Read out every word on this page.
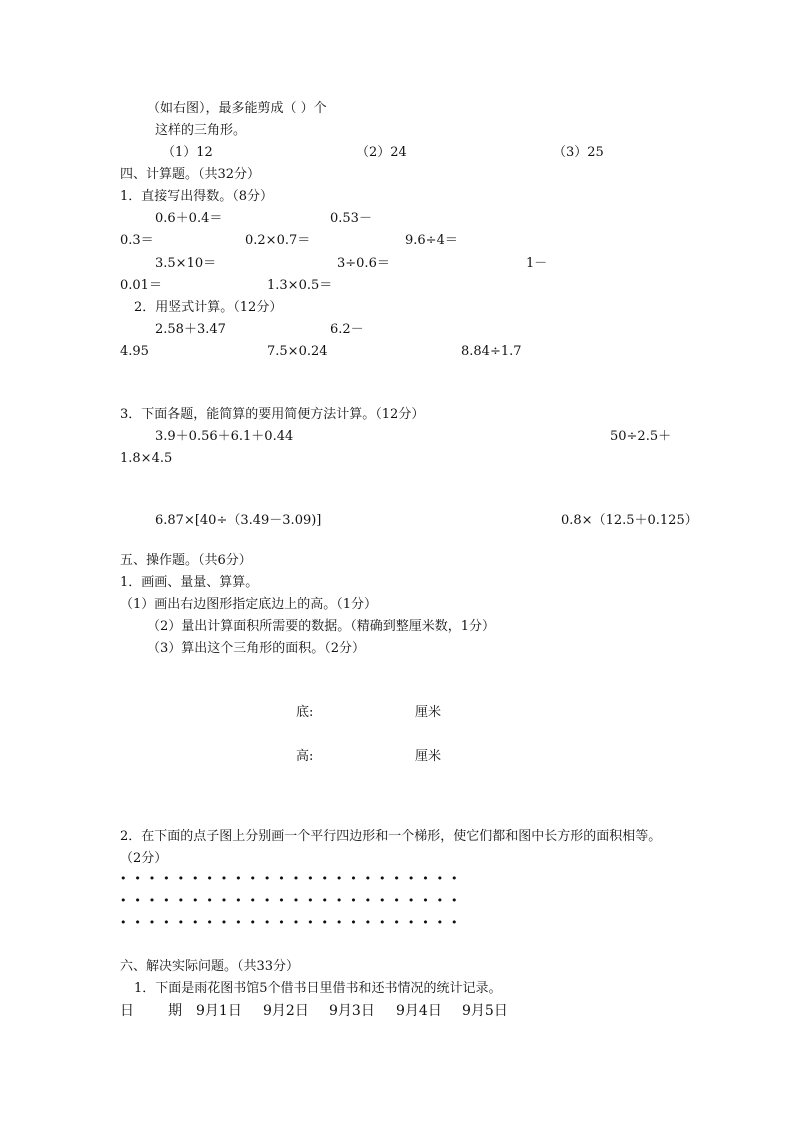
（如右图），最多能剪成（ ）个
这样的三角形。
（1）12	（2）24	（3）25
四、计算题。（共32分）
1．直接写出得数。（8分）
0.6＋0.4＝	0.53－
0.3＝	0.2×0.7＝	9.6÷4＝
3.5×10＝	3÷0.6＝	1－
0.01＝	1.3×0.5＝
2．用竖式计算。（12分）
2.58＋3.47	6.2－
4.95	7.5×0.24	8.84÷1.7
3．下面各题，能简算的要用简便方法计算。（12分）
3.9＋0.56＋6.1＋0.44	50÷2.5＋
1.8×4.5
6.87×[40÷（3.49－3.09)]	0.8×（12.5＋0.125）
五、操作题。（共6分）
1．画画、量量、算算。
（1）画出右边图形指定底边上的高。（1分）
（2）量出计算面积所需要的数据。（精确到整厘米数，1分）
（3）算出这个三角形的面积。（2分）
底:	厘米
高:	厘米
2．在下面的点子图上分别画一个平行四边形和一个梯形，使它们都和图中长方形的面积相等。
（2分）
• • • • • • • • • • • • • • • • • • • • • • • •
• • • • • • • • • • • • • • • • • • • • • • • •
• • • • • • • • • • • • • • • • • • • • • • • •
六、解决实际问题。（共33分）
1．下面是雨花图书馆5个借书日里借书和还书情况的统计记录。
日 期 9月1日 9月2日 9月3日 9月4日 9月5日
